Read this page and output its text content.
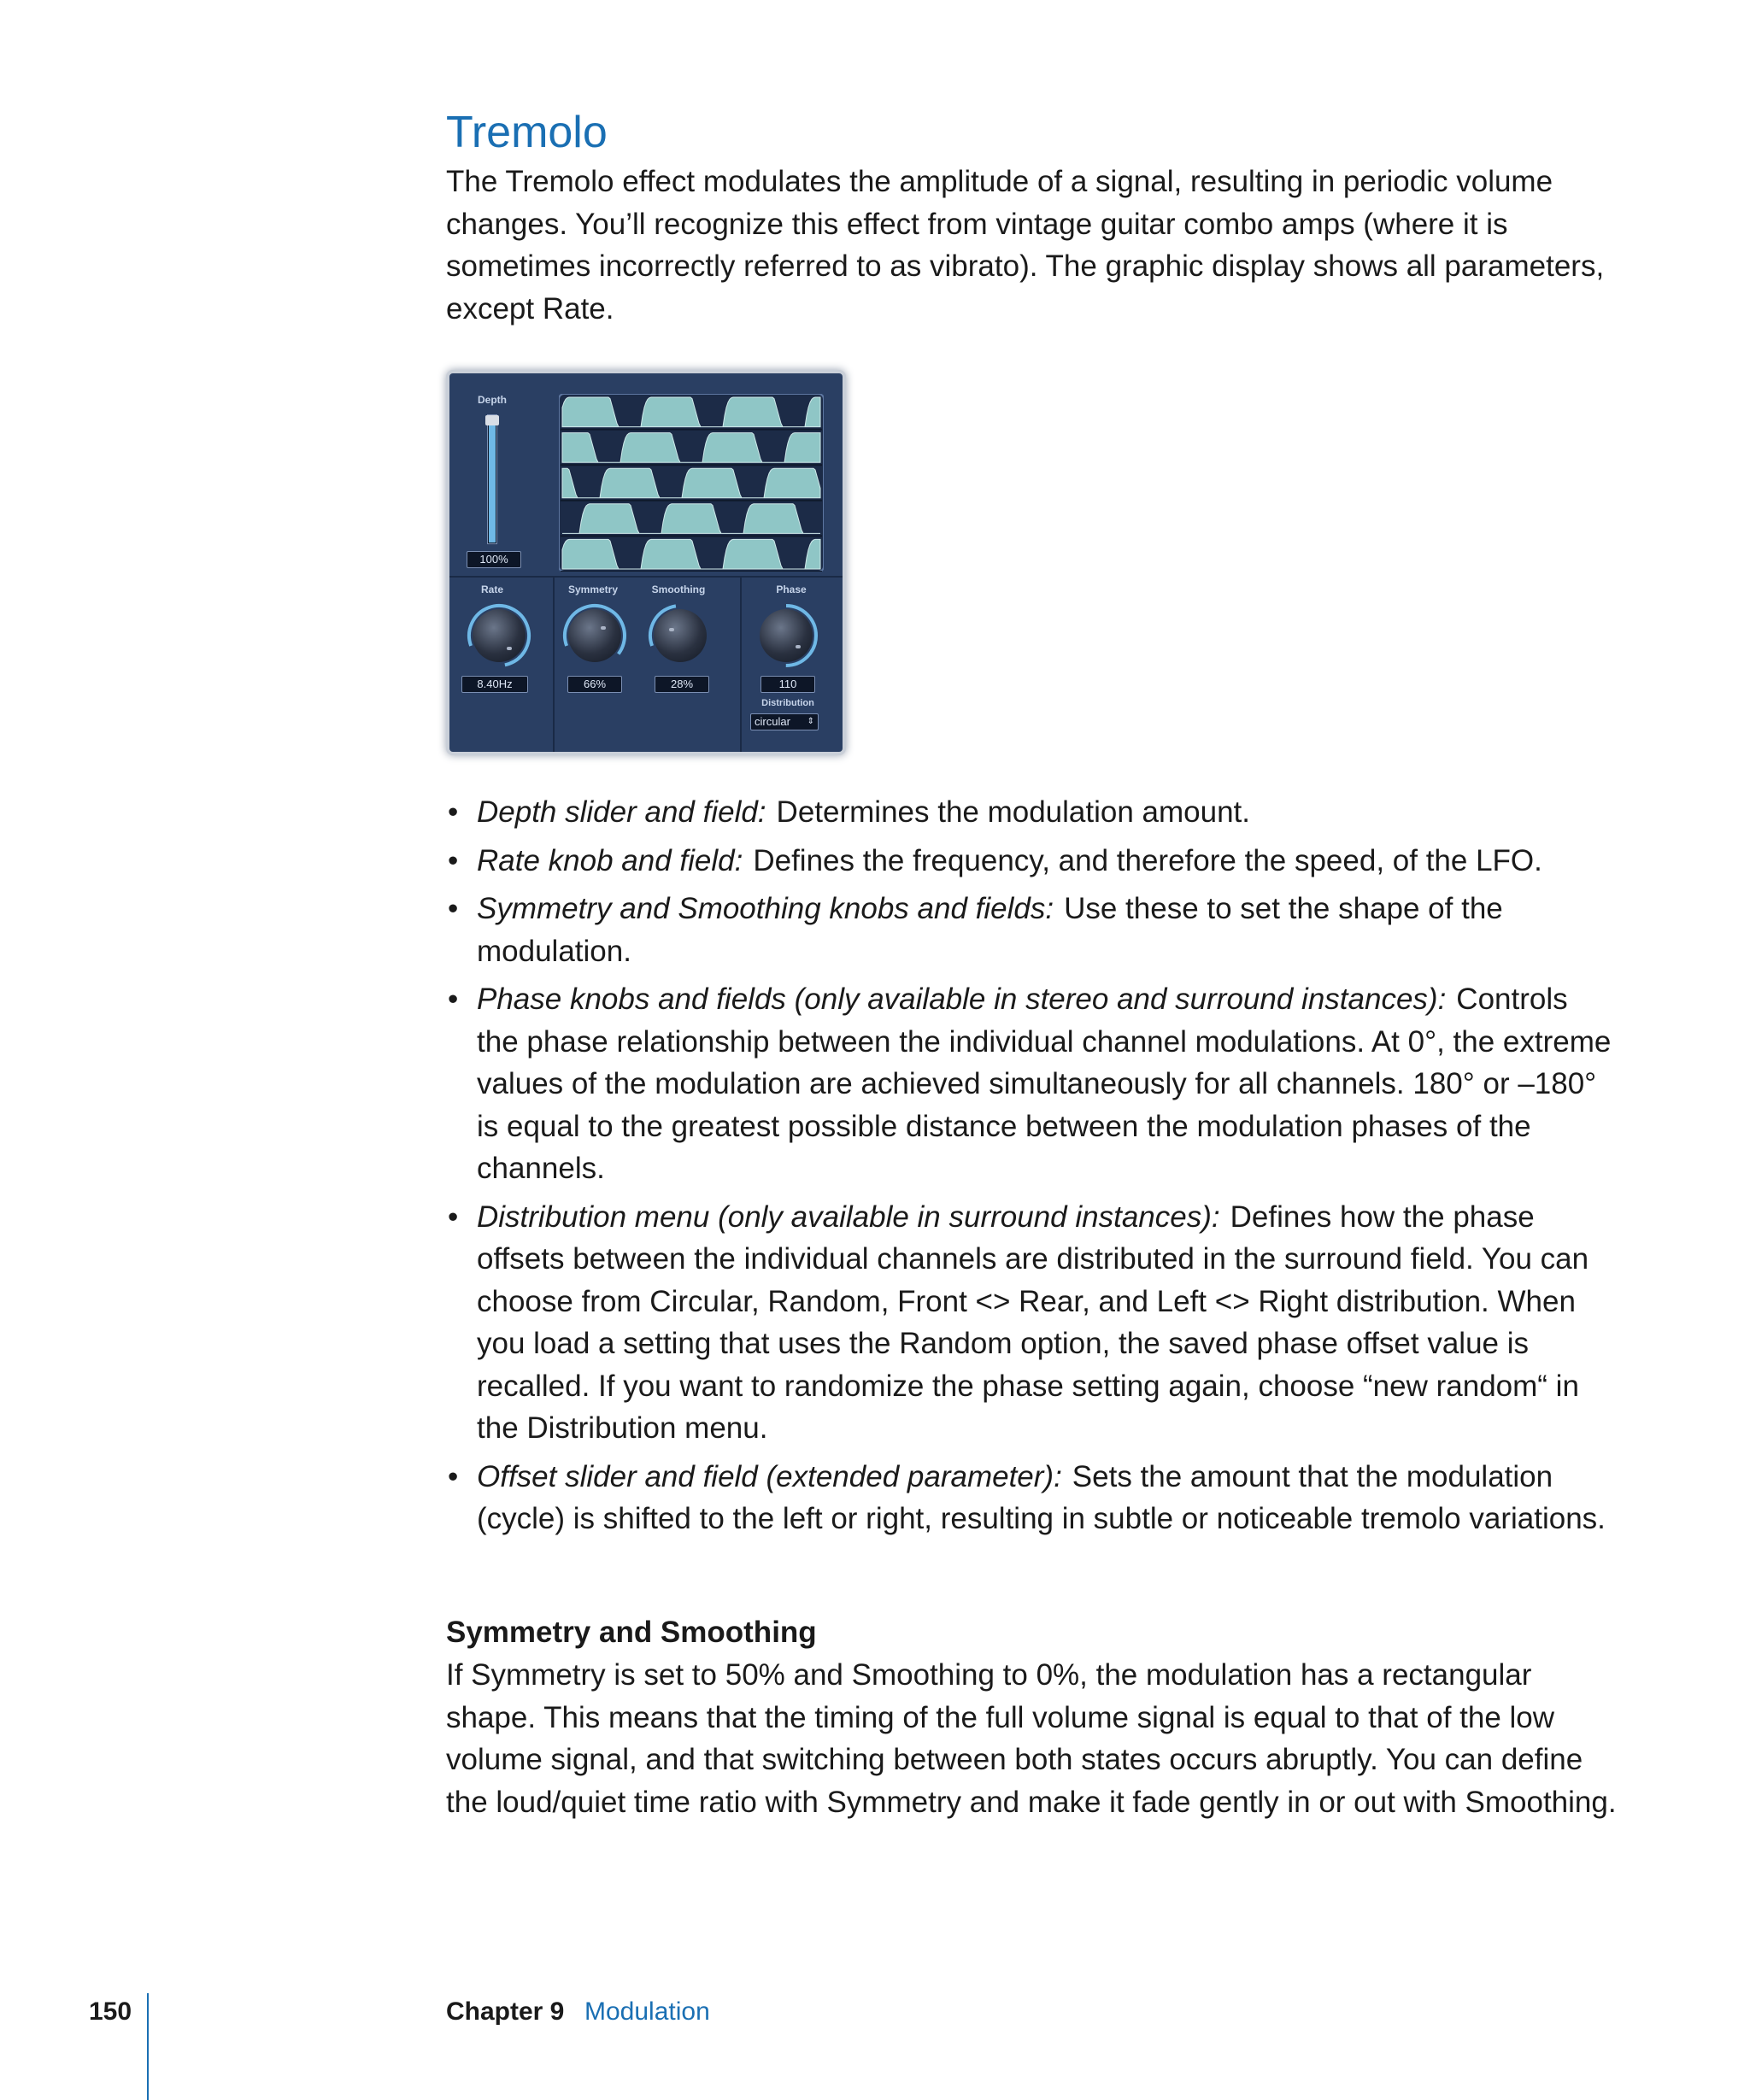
Tremolo

The Tremolo effect modulates the amplitude of a signal, resulting in periodic volume changes. You’ll recognize this effect from vintage guitar combo amps (where it is sometimes incorrectly referred to as vibrato). The graphic display shows all parameters, except Rate.

Depth
100%
Rate
8.40Hz
Symmetry
66%
Smoothing
28%
Phase
110
Distribution
circular ⇕
• Depth slider and field: Determines the modulation amount.
• Rate knob and field: Defines the frequency, and therefore the speed, of the LFO.
• Symmetry and Smoothing knobs and fields: Use these to set the shape of the modulation.
• Phase knobs and fields (only available in stereo and surround instances): Controls the phase relationship between the individual channel modulations. At 0°, the extreme values of the modulation are achieved simultaneously for all channels. 180° or –180° is equal to the greatest possible distance between the modulation phases of the channels.
• Distribution menu (only available in surround instances): Defines how the phase offsets between the individual channels are distributed in the surround field. You can choose from Circular, Random, Front <> Rear, and Left <> Right distribution. When you load a setting that uses the Random option, the saved phase offset value is recalled. If you want to randomize the phase setting again, choose “new random“ in the Distribution menu.
• Offset slider and field (extended parameter): Sets the amount that the modulation (cycle) is shifted to the left or right, resulting in subtle or noticeable tremolo variations.
Symmetry and Smoothing

If Symmetry is set to 50% and Smoothing to 0%, the modulation has a rectangular shape. This means that the timing of the full volume signal is equal to that of the low volume signal, and that switching between both states occurs abruptly. You can define the loud/quiet time ratio with Symmetry and make it fade gently in or out with Smoothing.

150	Chapter 9 Modulation
